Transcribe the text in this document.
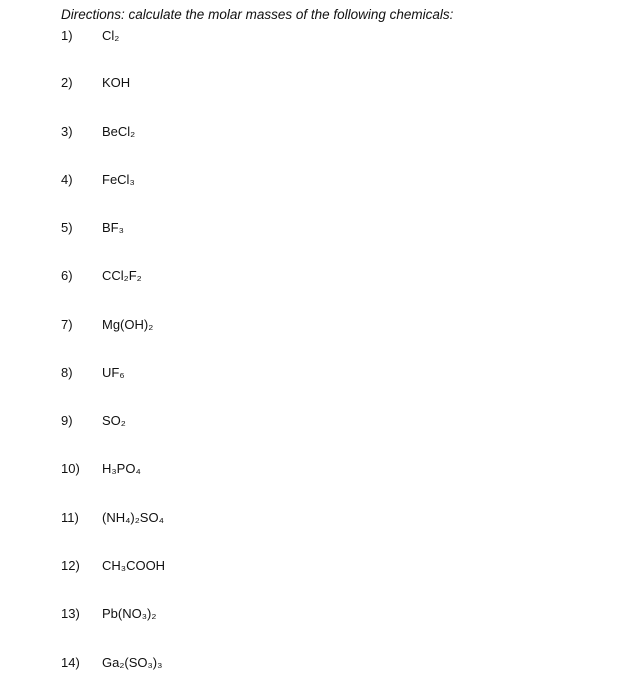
Directions: calculate the molar masses of the following chemicals:
1) Cl₂
2) KOH
3) BeCl₂
4) FeCl₃
5) BF₃
6) CCl₂F₂
7) Mg(OH)₂
8) UF₆
9) SO₂
10) H₃PO₄
11) (NH₄)₂SO₄
12) CH₃COOH
13) Pb(NO₃)₂
14) Ga₂(SO₃)₃
